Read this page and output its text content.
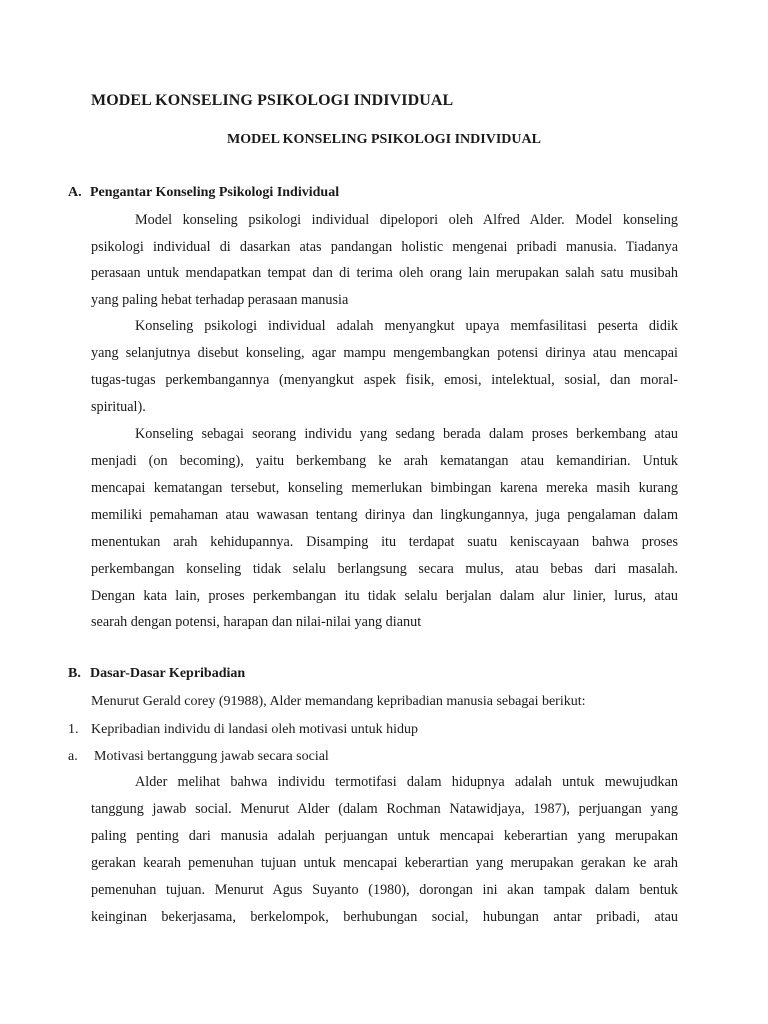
MODEL KONSELING PSIKOLOGI INDIVIDUAL
MODEL KONSELING PSIKOLOGI INDIVIDUAL
A. Pengantar Konseling Psikologi Individual
Model konseling psikologi individual dipelopori oleh Alfred Alder. Model konseling
psikologi individual di dasarkan atas pandangan holistic mengenai pribadi manusia. Tiadanya
perasaan untuk mendapatkan tempat dan di terima oleh orang lain merupakan salah satu musibah
yang paling hebat terhadap perasaan manusia
Konseling psikologi individual adalah menyangkut upaya memfasilitasi peserta didik
yang selanjutnya disebut konseling, agar mampu mengembangkan potensi dirinya atau mencapai
tugas-tugas perkembangannya (menyangkut aspek fisik, emosi, intelektual, sosial, dan moral-
spiritual).
Konseling sebagai seorang individu yang sedang berada dalam proses berkembang atau
menjadi (on becoming), yaitu berkembang ke arah kematangan atau kemandirian. Untuk
mencapai kematangan tersebut, konseling memerlukan bimbingan karena mereka masih kurang
memiliki pemahaman atau wawasan tentang dirinya dan lingkungannya, juga pengalaman dalam
menentukan arah kehidupannya. Disamping itu terdapat suatu keniscayaan bahwa proses
perkembangan konseling tidak selalu berlangsung secara mulus, atau bebas dari masalah.
Dengan kata lain, proses perkembangan itu tidak selalu berjalan dalam alur linier, lurus, atau
searah dengan potensi, harapan dan nilai-nilai yang dianut
B. Dasar-Dasar Kepribadian
Menurut Gerald corey (91988), Alder memandang kepribadian manusia sebagai berikut:
1. Kepribadian individu di landasi oleh motivasi untuk hidup
a. Motivasi bertanggung jawab secara social
Alder melihat bahwa individu termotifasi dalam hidupnya adalah untuk mewujudkan
tanggung jawab social. Menurut Alder (dalam Rochman Natawidjaya, 1987), perjuangan yang
paling penting dari manusia adalah perjuangan untuk mencapai keberartian yang merupakan
gerakan kearah pemenuhan tujuan untuk mencapai keberartian yang merupakan gerakan ke arah
pemenuhan tujuan. Menurut Agus Suyanto (1980), dorongan ini akan tampak dalam bentuk
keinginan bekerjasama, berkelompok, berhubungan social, hubungan antar pribadi, atau
